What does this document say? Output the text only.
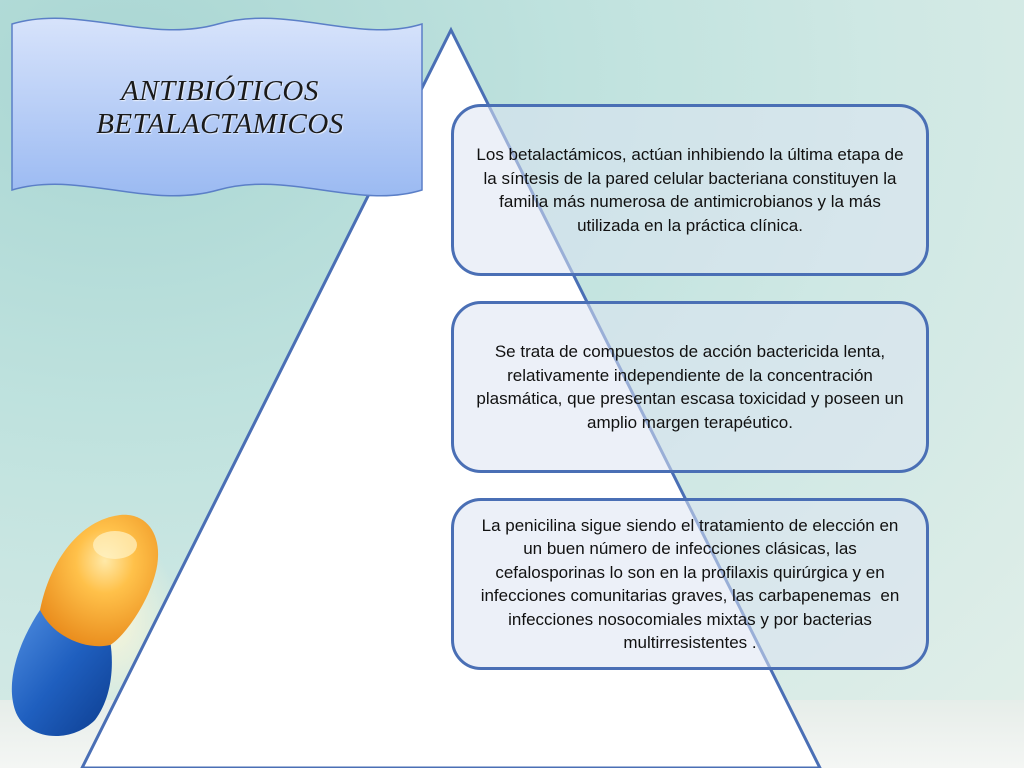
ANTIBIÓTICOS
BETALACTAMICOS

Los betalactámicos, actúan inhibiendo la última etapa de la síntesis de la pared celular bacteriana constituyen la familia más numerosa de antimicrobianos y la más utilizada en la práctica clínica.

Se trata de compuestos de acción bactericida lenta, relativamente independiente de la concentración plasmática, que presentan escasa toxicidad y poseen un amplio margen terapéutico.

La penicilina sigue siendo el tratamiento de elección en un buen número de infecciones clásicas, las cefalosporinas lo son en la profilaxis quirúrgica y en infecciones comunitarias graves, las carbapenemas  en infecciones nosocomiales mixtas y por bacterias multirresistentes .
